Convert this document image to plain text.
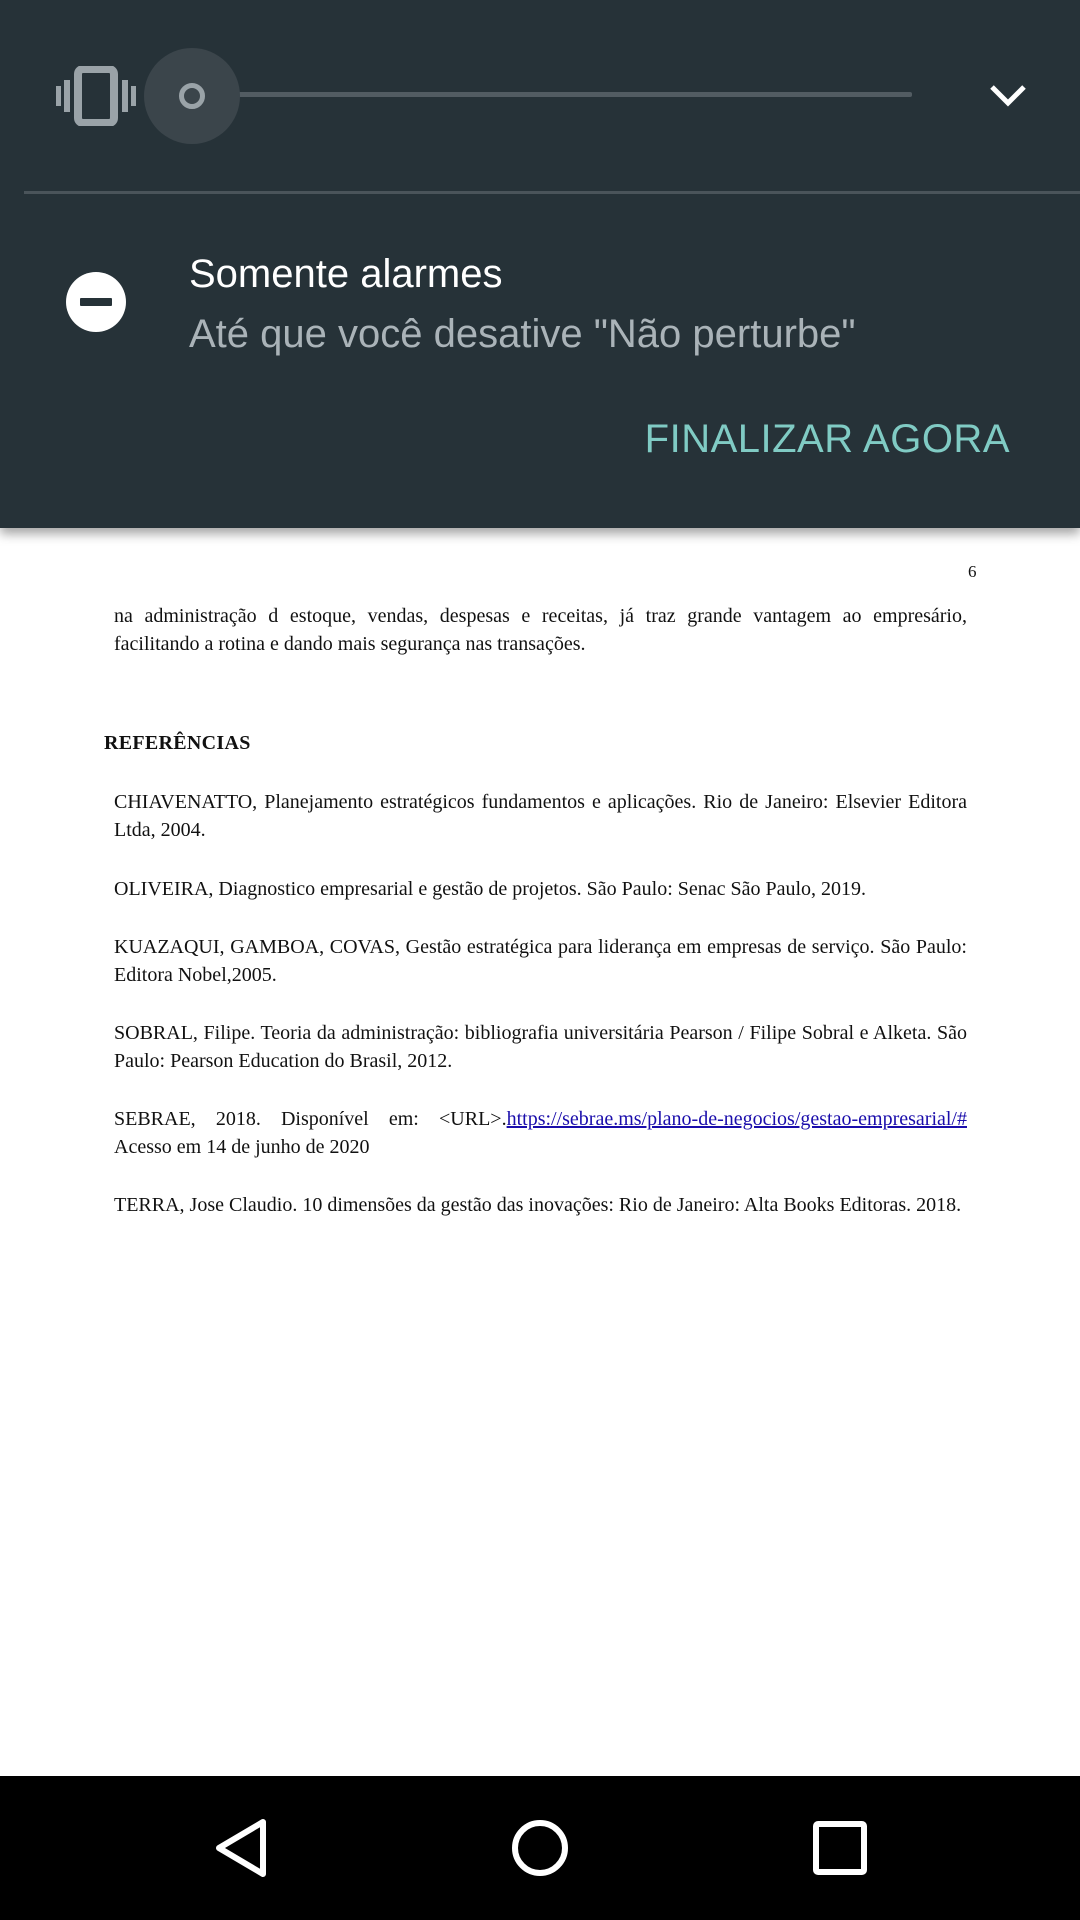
Somente alarmes
Até que você desative "Não perturbe"
FINALIZAR AGORA
6

na administração d estoque, vendas, despesas e receitas, já traz grande vantagem ao empresário, facilitando a rotina e dando mais segurança nas transações.

REFERÊNCIAS

CHIAVENATTO, Planejamento estratégicos fundamentos e aplicações. Rio de Janeiro: Elsevier Editora Ltda, 2004.

OLIVEIRA, Diagnostico empresarial e gestão de projetos. São Paulo: Senac São Paulo, 2019.

KUAZAQUI, GAMBOA, COVAS, Gestão estratégica para liderança em empresas de serviço. São Paulo: Editora Nobel,2005.

SOBRAL, Filipe. Teoria da administração: bibliografia universitária Pearson / Filipe Sobral e Alketa. São Paulo: Pearson Education do Brasil, 2012.

SEBRAE, 2018. Disponível em: <URL>.https://sebrae.ms/plano-de-negocios/gestao-empresarial/# Acesso em 14 de junho de 2020

TERRA, Jose Claudio. 10 dimensões da gestão das inovações: Rio de Janeiro: Alta Books Editoras. 2018.
